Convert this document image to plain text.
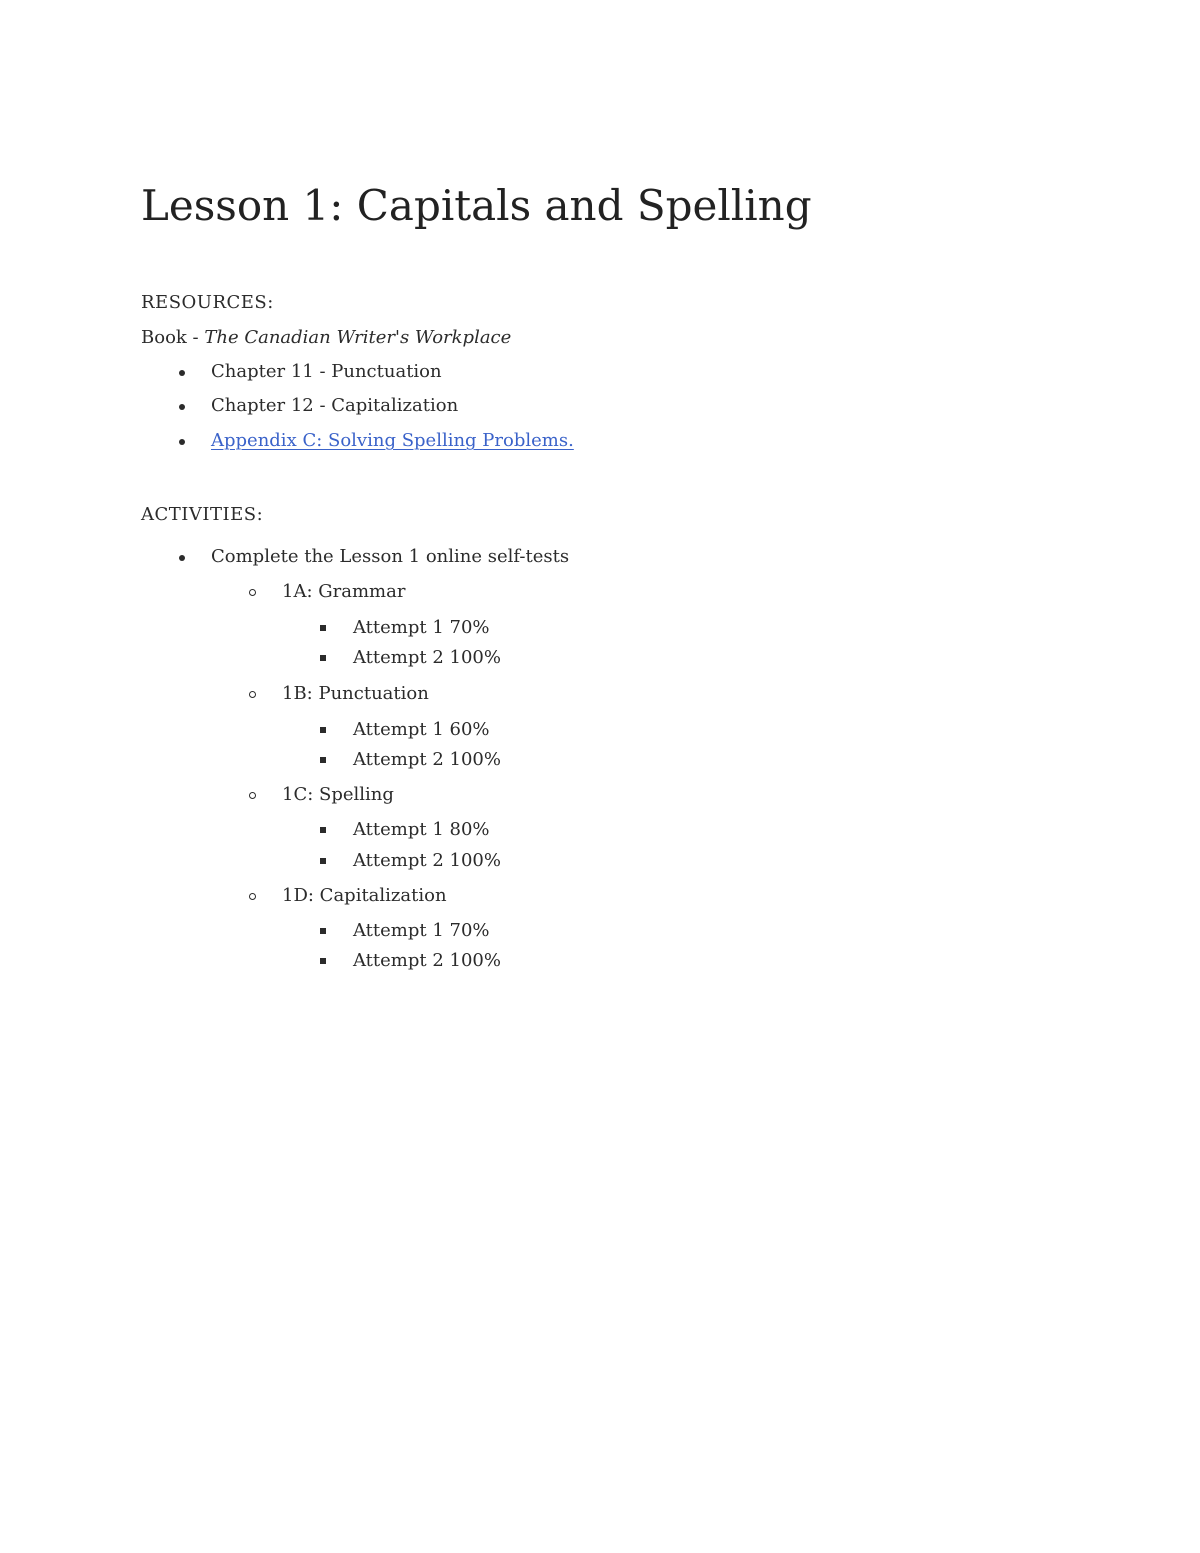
Lesson 1: Capitals and Spelling
RESOURCES:
Book - The Canadian Writer's Workplace
Chapter 11 - Punctuation
Chapter 12 - Capitalization
Appendix C: Solving Spelling Problems.
ACTIVITIES:
Complete the Lesson 1 online self-tests
1A: Grammar
Attempt 1 70%
Attempt 2 100%
1B: Punctuation
Attempt 1 60%
Attempt 2 100%
1C: Spelling
Attempt 1 80%
Attempt 2 100%
1D: Capitalization
Attempt 1 70%
Attempt 2 100%
